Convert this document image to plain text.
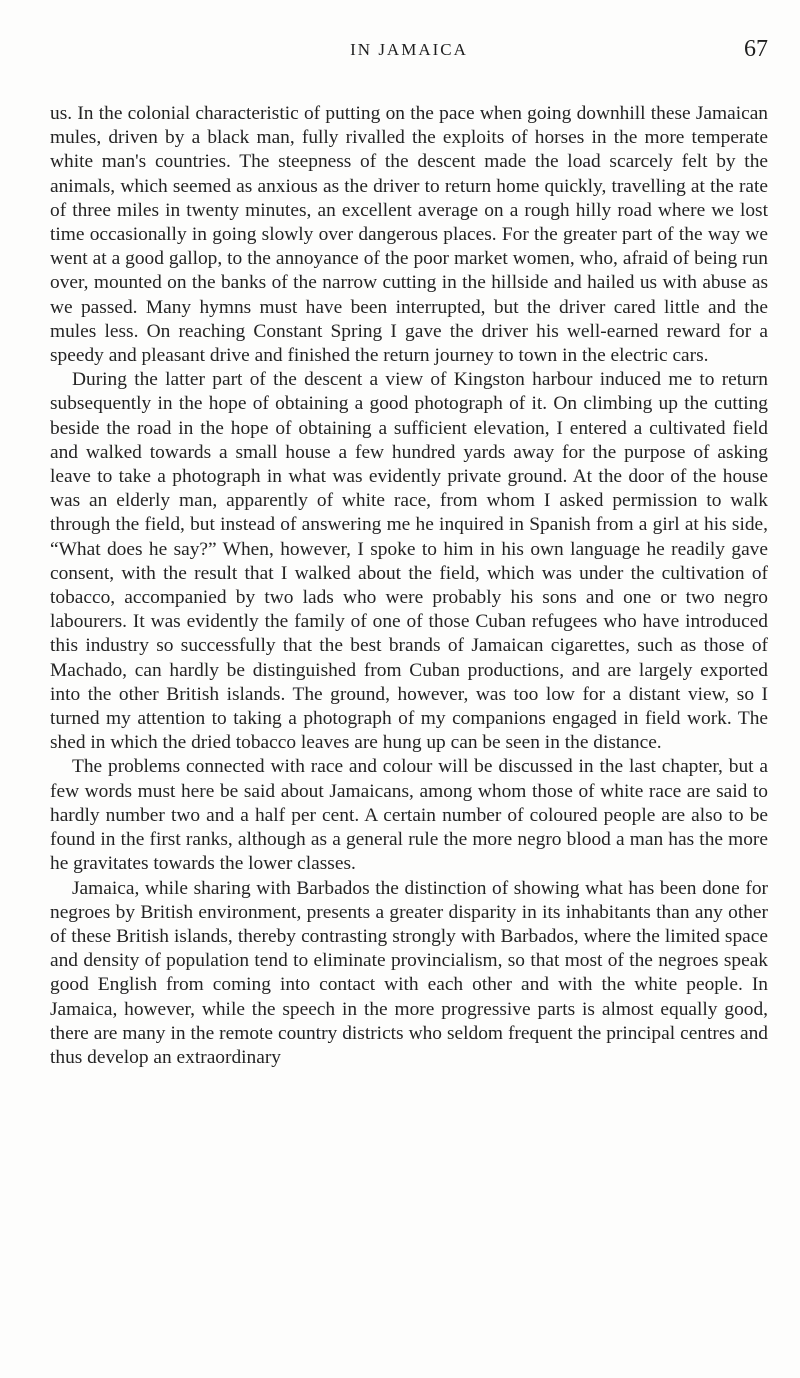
IN JAMAICA	67

us. In the colonial characteristic of putting on the pace when going downhill these Jamaican mules, driven by a black man, fully rivalled the exploits of horses in the more temperate white man's countries. The steepness of the descent made the load scarcely felt by the animals, which seemed as anxious as the driver to return home quickly, travelling at the rate of three miles in twenty minutes, an excellent average on a rough hilly road where we lost time occasionally in going slowly over dangerous places. For the greater part of the way we went at a good gallop, to the annoyance of the poor market women, who, afraid of being run over, mounted on the banks of the narrow cutting in the hillside and hailed us with abuse as we passed. Many hymns must have been interrupted, but the driver cared little and the mules less. On reaching Constant Spring I gave the driver his well-earned reward for a speedy and pleasant drive and finished the return journey to town in the electric cars.

During the latter part of the descent a view of Kingston harbour induced me to return subsequently in the hope of obtaining a good photograph of it. On climbing up the cutting beside the road in the hope of obtaining a sufficient elevation, I entered a cultivated field and walked towards a small house a few hundred yards away for the purpose of asking leave to take a photograph in what was evidently private ground. At the door of the house was an elderly man, apparently of white race, from whom I asked permission to walk through the field, but instead of answering me he inquired in Spanish from a girl at his side, “What does he say?” When, however, I spoke to him in his own language he readily gave consent, with the result that I walked about the field, which was under the cultivation of tobacco, accompanied by two lads who were probably his sons and one or two negro labourers. It was evidently the family of one of those Cuban refugees who have introduced this industry so successfully that the best brands of Jamaican cigarettes, such as those of Machado, can hardly be distinguished from Cuban productions, and are largely exported into the other British islands. The ground, however, was too low for a distant view, so I turned my attention to taking a photograph of my companions engaged in field work. The shed in which the dried tobacco leaves are hung up can be seen in the distance.

The problems connected with race and colour will be discussed in the last chapter, but a few words must here be said about Jamaicans, among whom those of white race are said to hardly number two and a half per cent. A certain number of coloured people are also to be found in the first ranks, although as a general rule the more negro blood a man has the more he gravitates towards the lower classes.

Jamaica, while sharing with Barbados the distinction of showing what has been done for negroes by British environment, presents a greater disparity in its inhabitants than any other of these British islands, thereby contrasting strongly with Barbados, where the limited space and density of population tend to eliminate provincialism, so that most of the negroes speak good English from coming into contact with each other and with the white people. In Jamaica, however, while the speech in the more progressive parts is almost equally good, there are many in the remote country districts who seldom frequent the principal centres and thus develop an extraordinary
